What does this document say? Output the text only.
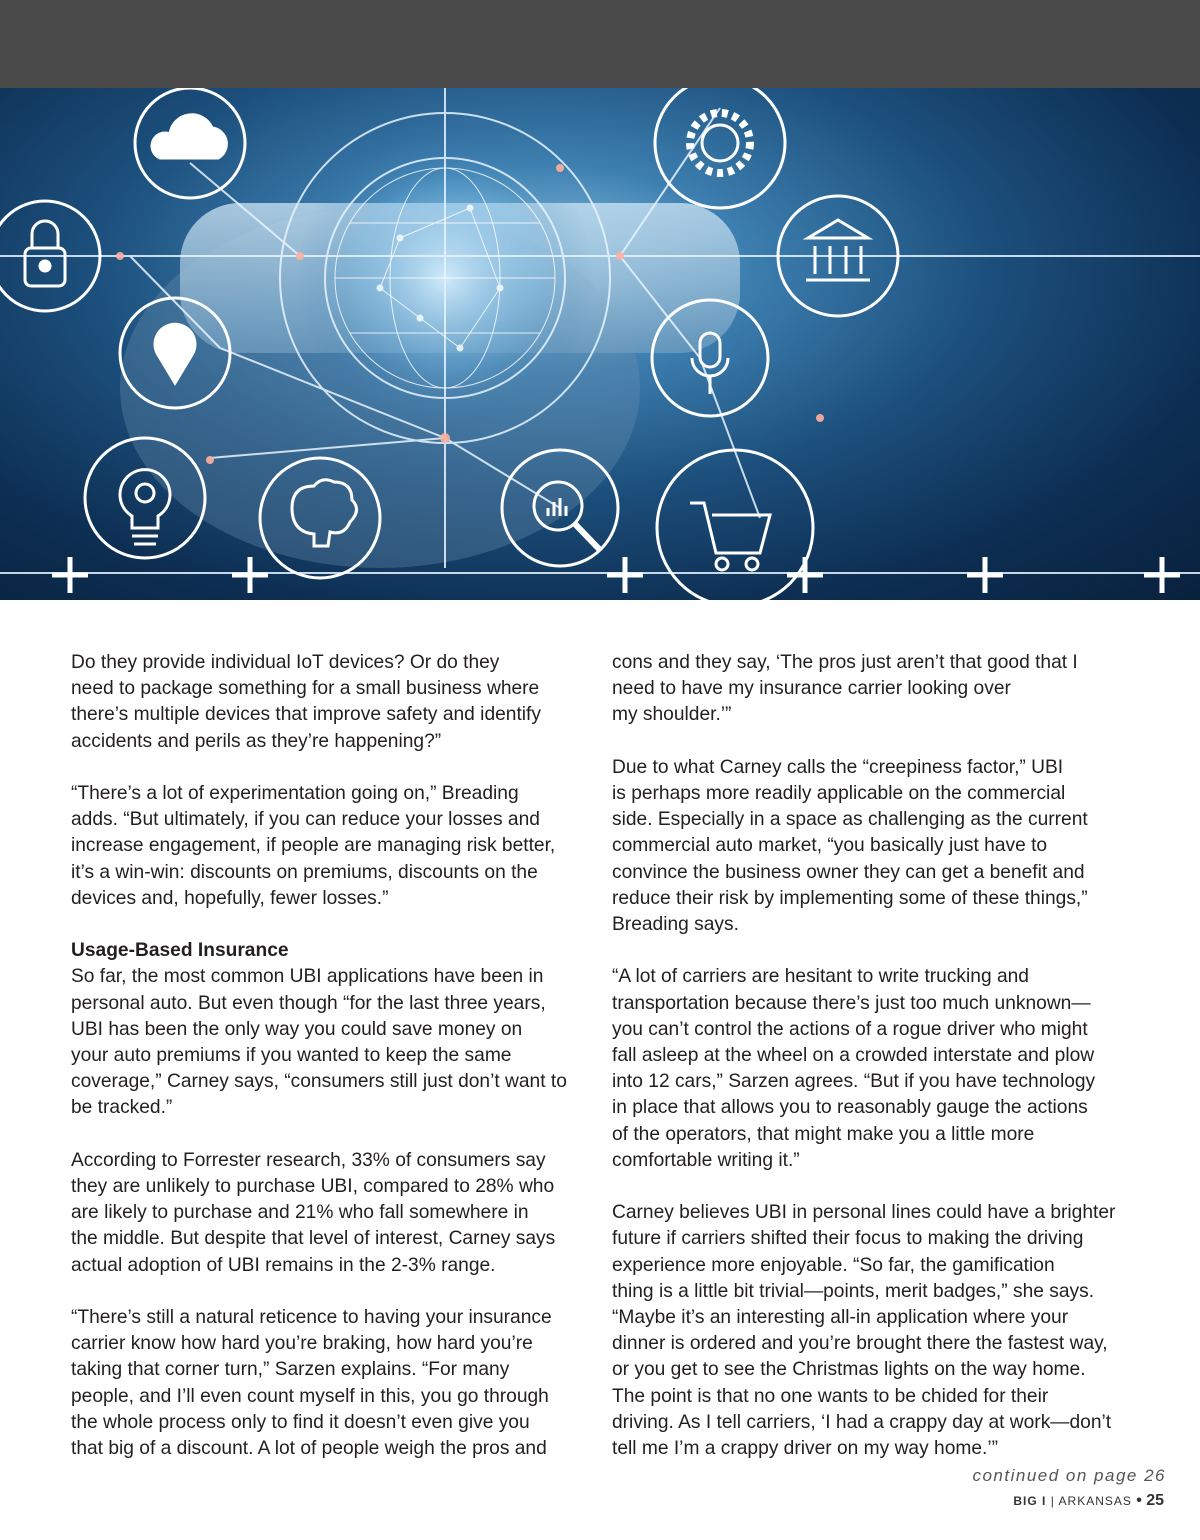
Do they provide individual IoT devices? Or do they
need to package something for a small business where
there’s multiple devices that improve safety and identify
accidents and perils as they’re happening?”

“There’s a lot of experimentation going on,” Breading
adds. “But ultimately, if you can reduce your losses and
increase engagement, if people are managing risk better,
it’s a win-win: discounts on premiums, discounts on the
devices and, hopefully, fewer losses.”

Usage-Based Insurance

So far, the most common UBI applications have been in
personal auto. But even though “for the last three years,
UBI has been the only way you could save money on
your auto premiums if you wanted to keep the same
coverage,” Carney says, “consumers still just don’t want to
be tracked.”

According to Forrester research, 33% of consumers say
they are unlikely to purchase UBI, compared to 28% who
are likely to purchase and 21% who fall somewhere in
the middle. But despite that level of interest, Carney says
actual adoption of UBI remains in the 2-3% range.

“There’s still a natural reticence to having your insurance
carrier know how hard you’re braking, how hard you’re
taking that corner turn,” Sarzen explains. “For many
people, and I’ll even count myself in this, you go through
the whole process only to find it doesn’t even give you
that big of a discount. A lot of people weigh the pros and

cons and they say, ‘The pros just aren’t that good that I
need to have my insurance carrier looking over
my shoulder.’”

Due to what Carney calls the “creepiness factor,” UBI
is perhaps more readily applicable on the commercial
side. Especially in a space as challenging as the current
commercial auto market, “you basically just have to
convince the business owner they can get a benefit and
reduce their risk by implementing some of these things,”
Breading says.

“A lot of carriers are hesitant to write trucking and
transportation because there’s just too much unknown—
you can’t control the actions of a rogue driver who might
fall asleep at the wheel on a crowded interstate and plow
into 12 cars,” Sarzen agrees. “But if you have technology
in place that allows you to reasonably gauge the actions
of the operators, that might make you a little more
comfortable writing it.”

Carney believes UBI in personal lines could have a brighter
future if carriers shifted their focus to making the driving
experience more enjoyable. “So far, the gamification
thing is a little bit trivial—points, merit badges,” she says.
“Maybe it’s an interesting all-in application where your
dinner is ordered and you’re brought there the fastest way,
or you get to see the Christmas lights on the way home.
The point is that no one wants to be chided for their
driving. As I tell carriers, ‘I had a crappy day at work—don’t
tell me I’m a crappy driver on my way home.’”

continued on page 26
BIG I | ARKANSAS • 25
